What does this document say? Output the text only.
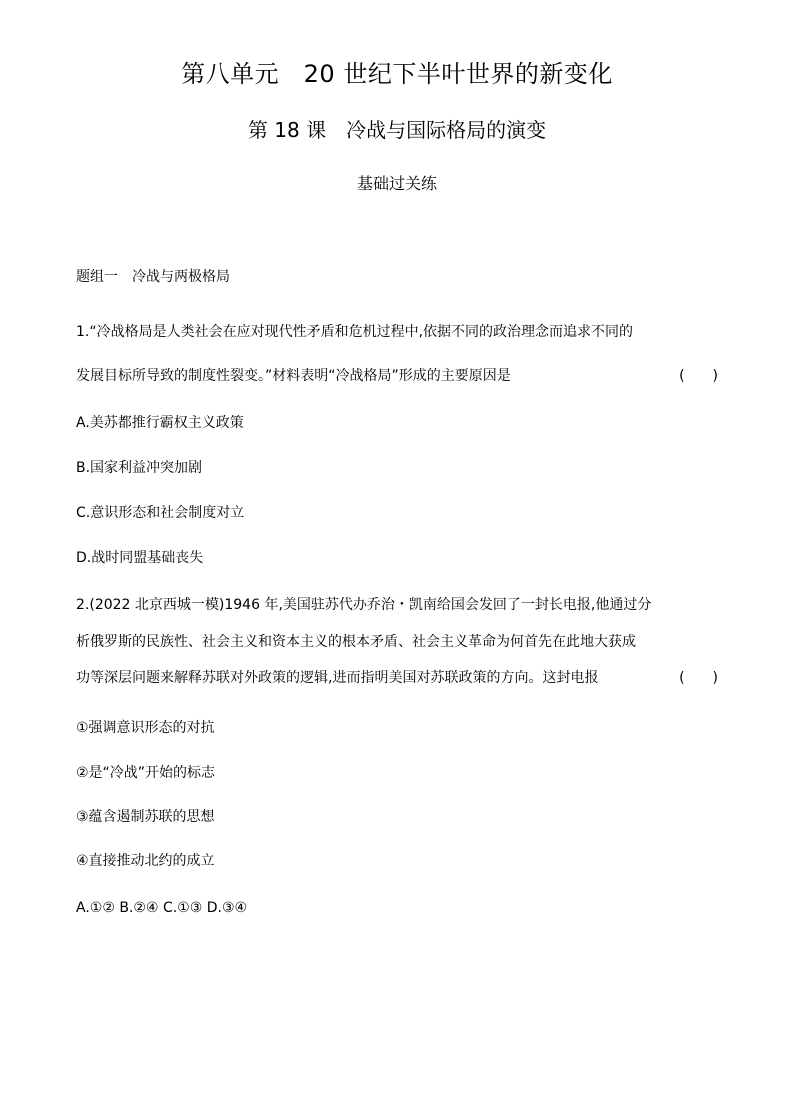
第八单元　20 世纪下半叶世界的新变化
第 18 课　冷战与国际格局的演变
基础过关练
题组一　冷战与两极格局
1.“冷战格局是人类社会在应对现代性矛盾和危机过程中,依据不同的政治理念而追求不同的
发展目标所导致的制度性裂变。”材料表明“冷战格局”形成的主要原因是	(　　)
A.美苏都推行霸权主义政策
B.国家利益冲突加剧
C.意识形态和社会制度对立
D.战时同盟基础丧失
2.(2022 北京西城一模)1946 年,美国驻苏代办乔治・凯南给国会发回了一封长电报,他通过分
析俄罗斯的民族性、社会主义和资本主义的根本矛盾、社会主义革命为何首先在此地大获成
功等深层问题来解释苏联对外政策的逻辑,进而指明美国对苏联政策的方向。这封电报	(　　)
①强调意识形态的对抗
②是“冷战”开始的标志
③蕴含遏制苏联的思想
④直接推动北约的成立
A.①② B.②④ C.①③ D.③④
